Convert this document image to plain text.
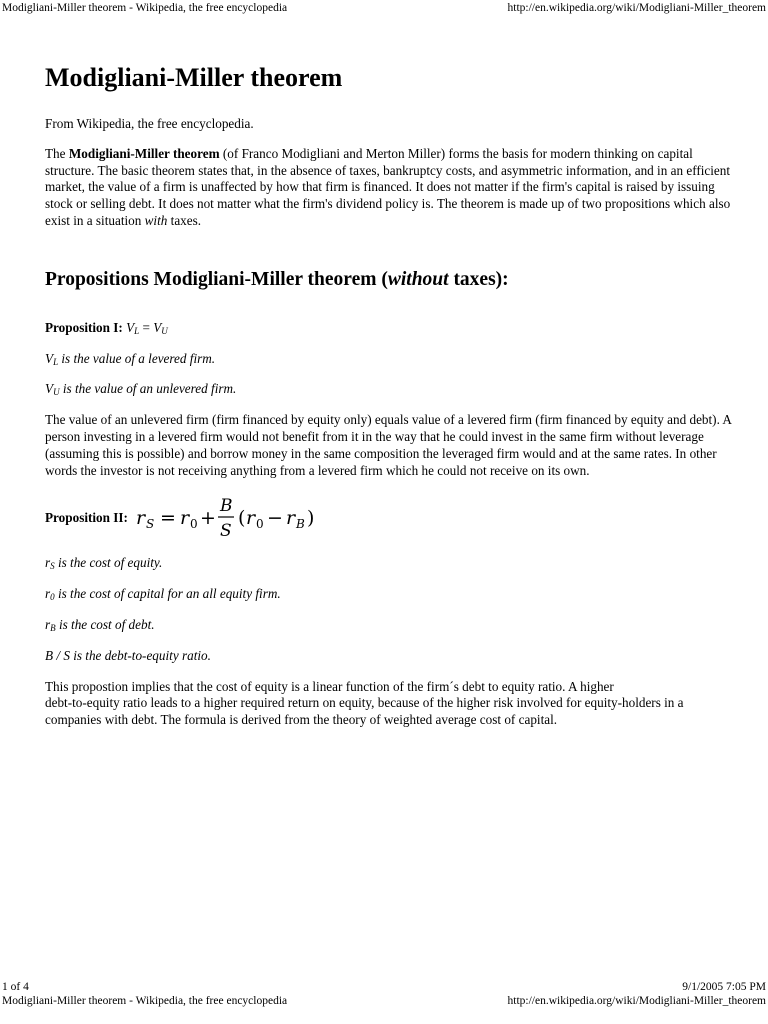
Modigliani-Miller theorem - Wikipedia, the free encyclopedia	http://en.wikipedia.org/wiki/Modigliani-Miller_theorem
Modigliani-Miller theorem

From Wikipedia, the free encyclopedia.

The Modigliani-Miller theorem (of Franco Modigliani and Merton Miller) forms the basis for modern thinking on capital structure. The basic theorem states that, in the absence of taxes, bankruptcy costs, and asymmetric information, and in an efficient market, the value of a firm is unaffected by how that firm is financed. It does not matter if the firm's capital is raised by issuing stock or selling debt. It does not matter what the firm's dividend policy is. The theorem is made up of two propositions which also exist in a situation with taxes.

Propositions Modigliani-Miller theorem (without taxes):

Proposition I: $V_L = V_U$

$V_L$ is the value of a levered firm.

$V_U$ is the value of an unlevered firm.

The value of an unlevered firm (firm financed by equity only) equals value of a levered firm (firm financed by equity and debt). A person investing in a levered firm would not benefit from it in the way that he could invest in the same firm without leverage (assuming this is possible) and borrow money in the same composition the leveraged firm would and at the same rates. In other words the investor is not receiving anything from a levered firm which he could not receive on its own.

Proposition II: r S = r 0 +
B
S
( r 0 − r B )

$r_S$ is the cost of equity.

$r_0$ is the cost of capital for an all equity firm.

$r_B$ is the cost of debt.

B / S is the debt-to-equity ratio.

This propostion implies that the cost of equity is a linear function of the firm´s debt to equity ratio. A higher
debt-to-equity ratio leads to a higher required return on equity, because of the higher risk involved for equity-holders in a companies with debt. The formula is derived from the theory of weighted average cost of capital.

1 of 4	9/1/2005 7:05 PM
Modigliani-Miller theorem - Wikipedia, the free encyclopedia	http://en.wikipedia.org/wiki/Modigliani-Miller_theorem
